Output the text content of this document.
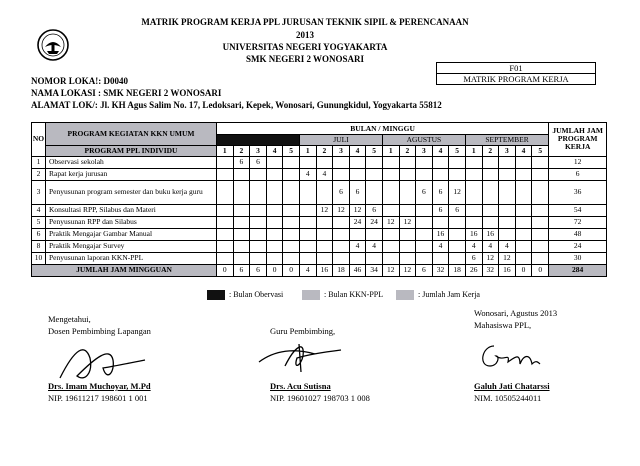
MATRIK PROGRAM KERJA PPL JURUSAN TEKNIK SIPIL & PERENCANAAN
2013
UNIVERSITAS NEGERI YOGYAKARTA
SMK NEGERI 2 WONOSARI
F01
MATRIK PROGRAM KERJA
NOMOR LOKA!: D0040
NAMA LOKASI : SMK NEGERI 2 WONOSARI
ALAMAT LOK/: Jl. KH Agus Salim No. 17, Ledoksari, Kepek, Wonosari, Gunungkidul, Yogyakarta 55812
NO	PROGRAM KEGIATAN KKN UMUM	BULAN / MINGGU																				JUMLAH JAM PROGRAM KERJA
							JULI					AGUSTUS					SEPTEMBER					
	PROGRAM PPL INDIVIDU	1	2	3	4	5	1	2	3	4	5	1	2	3	4	5	1	2	3	4	5	
1	Observasi sekolah		6	6																		12
2	Rapat kerja jurusan						4	4														6
3	Penyusunan program semester dan buku kerja guru								6	6				6	6	12						36
4	Konsultasi RPP, Silabus dan Materi							12	12	12	6				6	6						54
5	Penyusunan RPP dan Silabus									24	24	12	12									72
6	Praktik Mengajar Gambar Manual														16		16	16				48
8	Praktik Mengajar Survey									4	4				4		4	4	4			24
10	Penyusunan laporan KKN-PPL																6	12	12			30
JUMLAH JAM MINGGUAN		0	6	6	0	0	4	16	18	46	34	12	12	6	32	18	26	32	16	0	0	284
: Bulan Obervasi	: Bulan KKN-PPL	: Jumlah Jam Kerja
Mengetahui,
Dosen Pembimbing Lapangan	Guru Pembimbing,
Wonosari, Agustus 2013
Mahasiswa PPL,
Drs. Imam Muchoyar, M.Pd
NIP. 19611217 198601 1 001
Drs. Acu Sutisna
NIP. 19601027 198703 1 008
Galuh Jati Chatarssi
NIM. 10505244011
